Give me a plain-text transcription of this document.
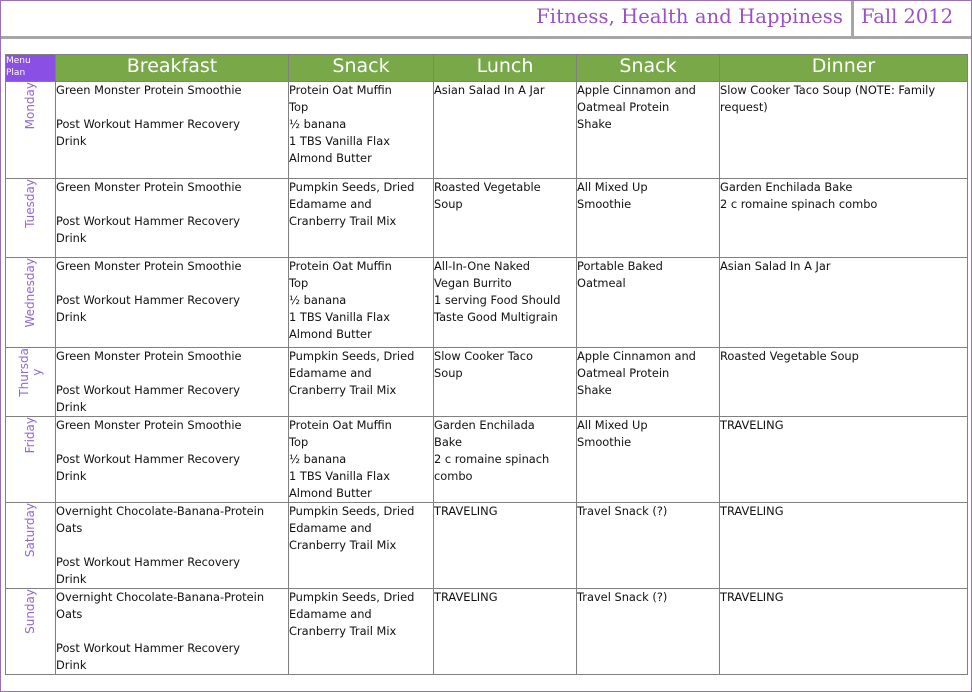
Fitness, Health and Happiness Fall 2012
Menu
Plan	Breakfast	Snack	Lunch	Snack	Dinner
Monday	Green Monster Protein Smoothie

Post Workout Hammer Recovery
Drink	Protein Oat Muffin
Top
½ banana
1 TBS Vanilla Flax
Almond Butter	Asian Salad In A Jar	Apple Cinnamon and
Oatmeal Protein
Shake	Slow Cooker Taco Soup (NOTE: Family
request)

Tuesday	Green Monster Protein Smoothie

Post Workout Hammer Recovery
Drink	Pumpkin Seeds, Dried
Edamame and
Cranberry Trail Mix	Roasted Vegetable
Soup	All Mixed Up
Smoothie	Garden Enchilada Bake
2 c romaine spinach combo

Wednesday	Green Monster Protein Smoothie

Post Workout Hammer Recovery
Drink	Protein Oat Muffin
Top
½ banana
1 TBS Vanilla Flax
Almond Butter	All-In-One Naked
Vegan Burrito
1 serving Food Should
Taste Good Multigrain	Portable Baked
Oatmeal	Asian Salad In A Jar

Thursda
y	Green Monster Protein Smoothie

Post Workout Hammer Recovery
Drink	Pumpkin Seeds, Dried
Edamame and
Cranberry Trail Mix	Slow Cooker Taco
Soup	Apple Cinnamon and
Oatmeal Protein
Shake	Roasted Vegetable Soup

Friday	Green Monster Protein Smoothie

Post Workout Hammer Recovery
Drink	Protein Oat Muffin
Top
½ banana
1 TBS Vanilla Flax
Almond Butter	Garden Enchilada
Bake
2 c romaine spinach
combo	All Mixed Up
Smoothie	TRAVELING

Saturday	Overnight Chocolate-Banana-Protein
Oats

Post Workout Hammer Recovery
Drink	Pumpkin Seeds, Dried
Edamame and
Cranberry Trail Mix	TRAVELING	Travel Snack (?)	TRAVELING

Sunday	Overnight Chocolate-Banana-Protein
Oats

Post Workout Hammer Recovery
Drink	Pumpkin Seeds, Dried
Edamame and
Cranberry Trail Mix	TRAVELING	Travel Snack (?)	TRAVELING
